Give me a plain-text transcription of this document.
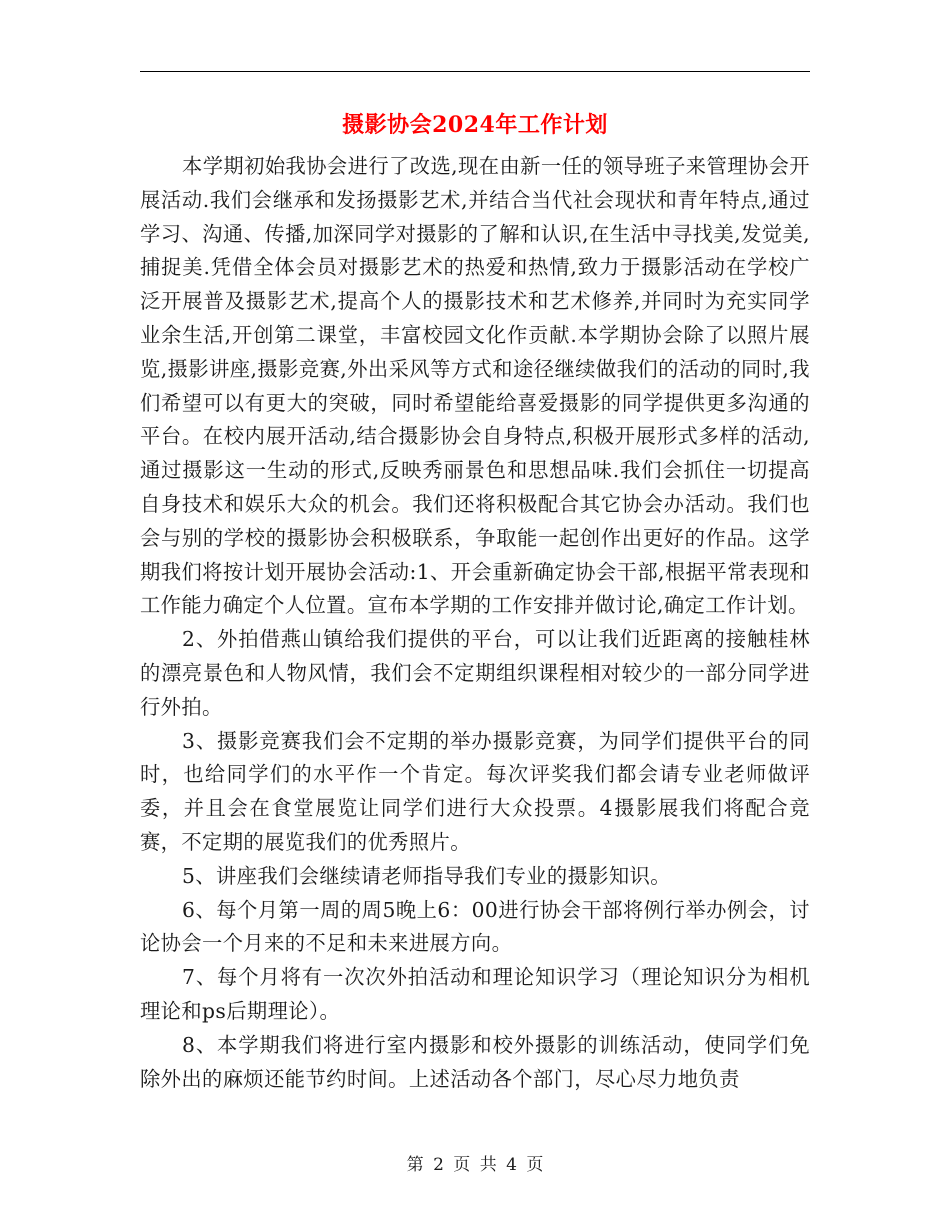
摄影协会2024年工作计划

本学期初始我协会进行了改选,现在由新一任的领导班子来管理协会开展活动.我们会继承和发扬摄影艺术,并结合当代社会现状和青年特点,通过学习、沟通、传播,加深同学对摄影的了解和认识,在生活中寻找美,发觉美,捕捉美.凭借全体会员对摄影艺术的热爱和热情,致力于摄影活动在学校广泛开展普及摄影艺术,提高个人的摄影技术和艺术修养,并同时为充实同学业余生活,开创第二课堂，丰富校园文化作贡献.本学期协会除了以照片展览,摄影讲座,摄影竞赛,外出采风等方式和途径继续做我们的活动的同时,我们希望可以有更大的突破，同时希望能给喜爱摄影的同学提供更多沟通的平台。在校内展开活动,结合摄影协会自身特点,积极开展形式多样的活动,通过摄影这一生动的形式,反映秀丽景色和思想品味.我们会抓住一切提高自身技术和娱乐大众的机会。我们还将积极配合其它协会办活动。我们也会与别的学校的摄影协会积极联系，争取能一起创作出更好的作品。这学期我们将按计划开展协会活动:1、开会重新确定协会干部,根据平常表现和工作能力确定个人位置。宣布本学期的工作安排并做讨论,确定工作计划。

2、外拍借燕山镇给我们提供的平台，可以让我们近距离的接触桂林的漂亮景色和人物风情，我们会不定期组织课程相对较少的一部分同学进行外拍。

3、摄影竞赛我们会不定期的举办摄影竞赛，为同学们提供平台的同时，也给同学们的水平作一个肯定。每次评奖我们都会请专业老师做评委，并且会在食堂展览让同学们进行大众投票。4摄影展我们将配合竞赛，不定期的展览我们的优秀照片。

5、讲座我们会继续请老师指导我们专业的摄影知识。

6、每个月第一周的周5晚上6：00进行协会干部将例行举办例会，讨论协会一个月来的不足和未来进展方向。

7、每个月将有一次次外拍活动和理论知识学习（理论知识分为相机理论和ps后期理论）。

8、本学期我们将进行室内摄影和校外摄影的训练活动，使同学们免除外出的麻烦还能节约时间。上述活动各个部门，尽心尽力地负责

第 2 页 共 4 页
